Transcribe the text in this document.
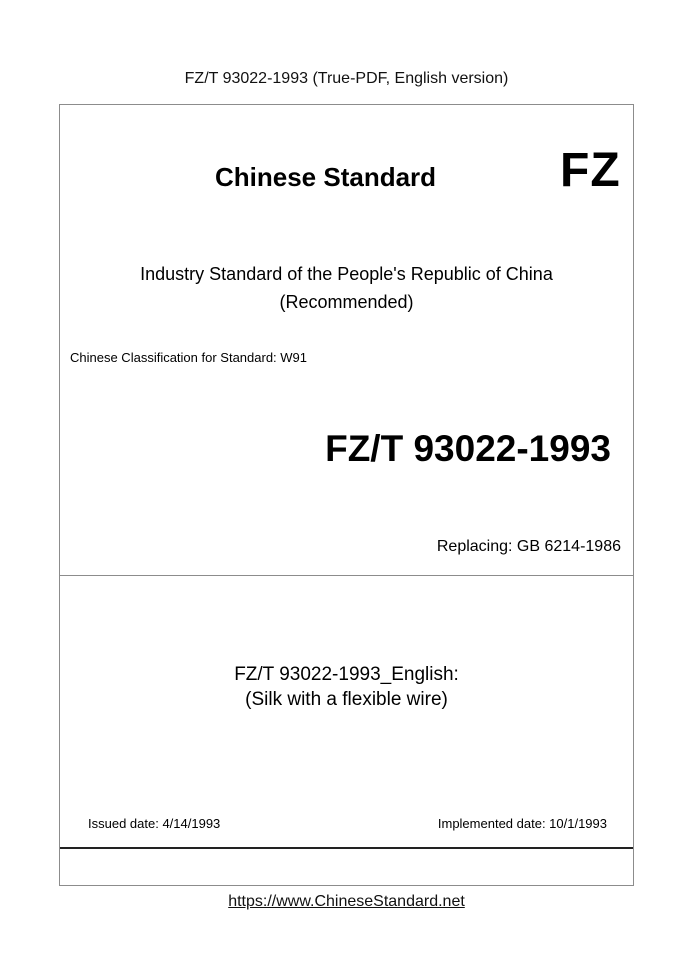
FZ/T 93022-1993 (True-PDF, English version)
Chinese Standard	FZ
Industry Standard of the People's Republic of China
(Recommended)
Chinese Classification for Standard: W91
FZ/T 93022-1993
Replacing: GB 6214-1986
FZ/T 93022-1993_English:
(Silk with a flexible wire)
Issued date: 4/14/1993	Implemented date: 10/1/1993
https://www.ChineseStandard.net
